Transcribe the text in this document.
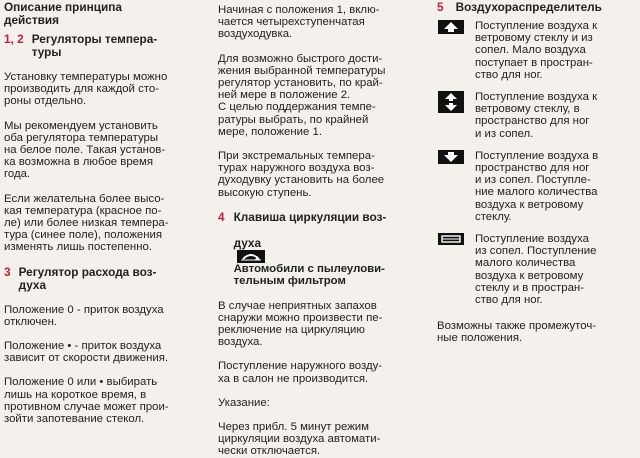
Описание принципа
действия

1, 2 Регуляторы темпера-
туры

Установку температуры можно
производить для каждой сто-
роны отдельно.

Мы рекомендуем установить
оба регулятора температуры
на белое поле. Такая установ-
ка возможна в любое время
года.

Если желательна более высо-
кая температура (красное по-
ле) или более низкая темпера-
тура (синее поле), положения
изменять лишь постепенно.

3 Регулятор расхода воз-
духа

Положение 0 - приток воздуха
отключен.

Положение • - приток воздуха
зависит от скорости движения.

Положение 0 или • выбирать
лишь на короткое время, в
противном случае может прои-
зойти запотевание стекол.

Начиная с положения 1, вклю-
чается четырехступенчатая
воздуходувка.

Для возможно быстрого дости-
жения выбранной температуры
регулятор установить, по край-
ней мере в положение 2.
С целью поддержания темпе-
ратуры выбрать, по крайней
мере, положение 1.

При экстремальных темпера-
турах наружного воздуха воз-
духодувку установить на более
высокую ступень.

4 Клавиша циркуляции воз-

духа

Автомобили с пылеулови-
тельным фильтром

В случае неприятных запахов
снаружи можно произвести пе-
реключение на циркуляцию
воздуха.

Поступление наружного возду-
ха в салон не производится.

Указание:

Через прибл. 5 минут режим
циркуляции воздуха автомати-
чески отключается.

5 Воздухораспределитель

Поступление воздуха к
ветровому стеклу и из
сопел. Мало воздуха
поступает в простран-
ство для ног.

Поступление воздуха к
ветровому стеклу, в
пространство для ног
и из сопел.

Поступление воздуха в
пространство для ног
и из сопел. Поступле-
ние малого количества
воздуха к ветровому
стеклу.

Поступление воздуха
из сопел. Поступление
малого количества
воздуха к ветровому
стеклу и в простран-
ство для ног.

Возможны также промежуточ-
ные положения.
